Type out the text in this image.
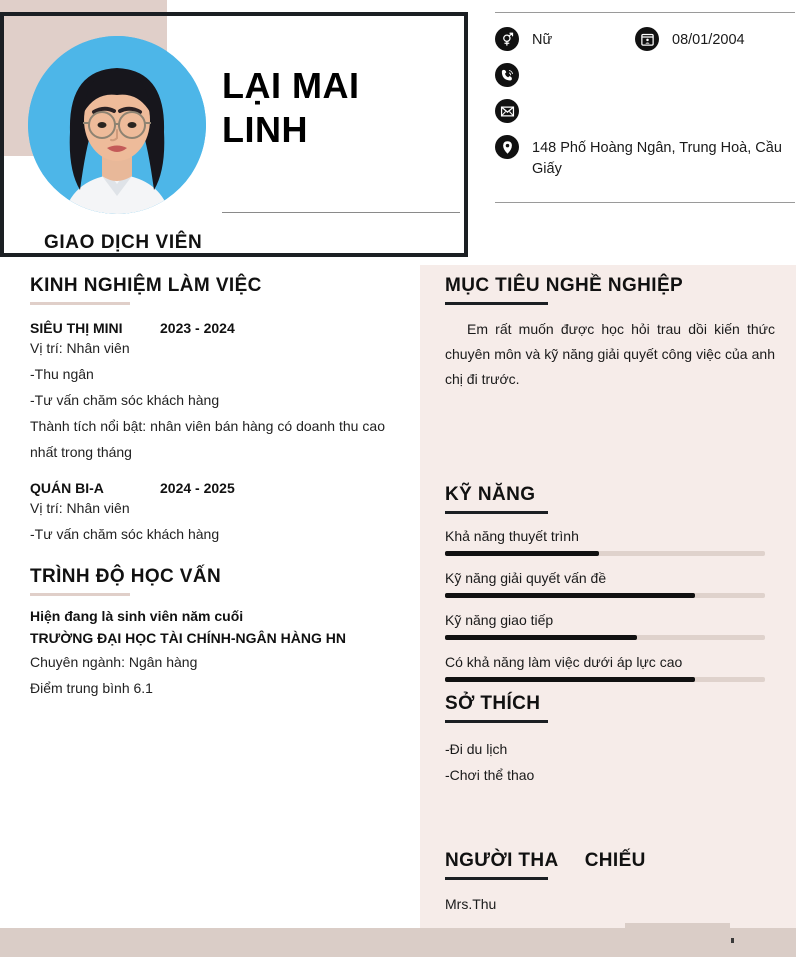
LẠI MAI LINH
GIAO DỊCH VIÊN
Nữ	08/01/2004
148 Phố Hoàng Ngân, Trung Hoà, Cầu Giấy
KINH NGHIỆM LÀM VIỆC
SIÊU THỊ MINI	2023 - 2024
Vị trí: Nhân viên
-Thu ngân
-Tư vấn chăm sóc khách hàng
Thành tích nổi bật: nhân viên bán hàng có doanh thu cao nhất trong tháng
QUÁN BI-A	2024 - 2025
Vị trí: Nhân viên
-Tư vấn chăm sóc khách hàng
TRÌNH ĐỘ HỌC VẤN
Hiện đang là sinh viên năm cuối
TRƯỜNG ĐẠI HỌC TÀI CHÍNH-NGÂN HÀNG HN
Chuyên ngành: Ngân hàng
Điểm trung bình 6.1
MỤC TIÊU NGHỀ NGHIỆP
Em rất muốn được học hỏi trau dồi kiến thức chuyên môn và kỹ năng giải quyết công việc của anh chị đi trước.
KỸ NĂNG
Khả năng thuyết trình
Kỹ năng giải quyết vấn đề
Kỹ năng giao tiếp
Có khả năng làm việc dưới áp lực cao
SỞ THÍCH
-Đi du lịch
-Chơi thể thao
NGƯỜI THA CHIẾU
Mrs.Thu
